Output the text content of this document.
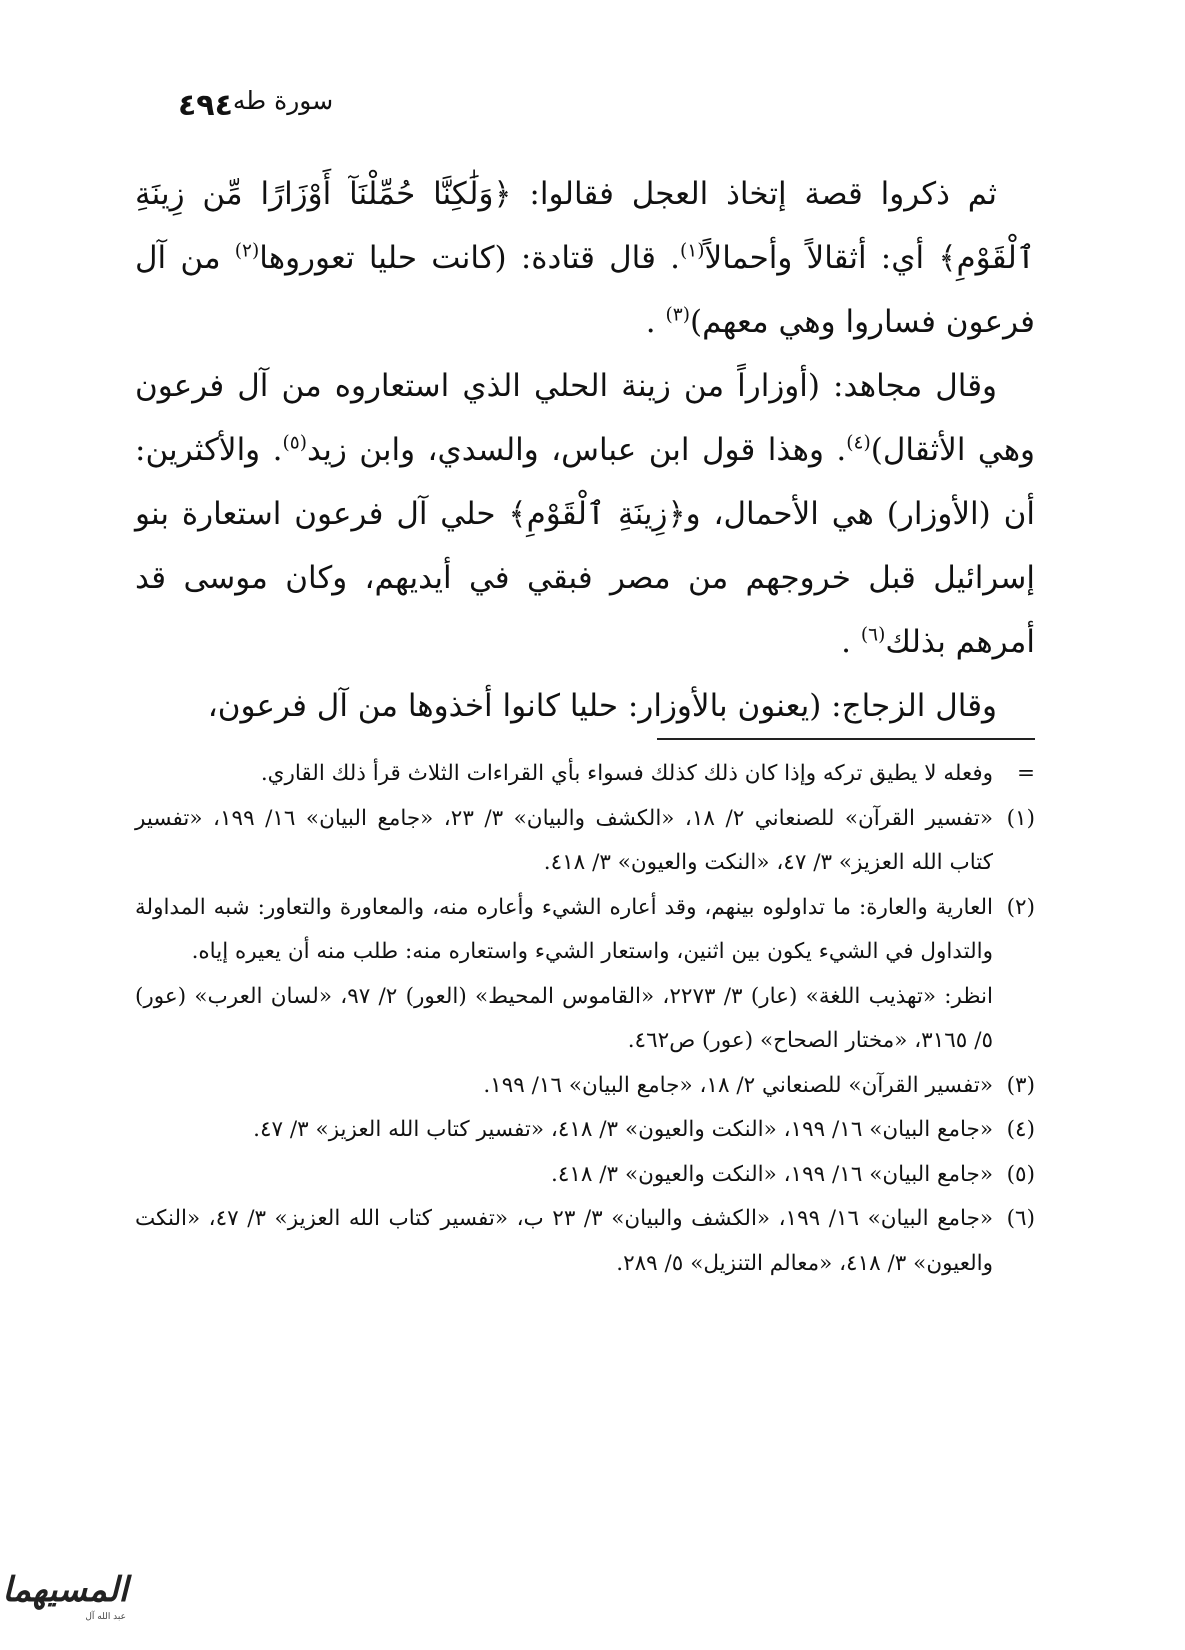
٤٩٤ سورة طه

ثم ذكروا قصة إتخاذ العجل فقالوا: ﴿وَلَٰكِنَّا حُمِّلْنَآ أَوْزَارًا مِّن زِينَةِ ٱلْقَوْمِ﴾ أي: أثقالاً وأحمالاً$^{(١)}$. قال قتادة: (كانت حليا تعوروها$^{(٢)}$ من آل فرعون فساروا وهي معهم)$^{(٣)}$ .

وقال مجاهد: (أوزاراً من زينة الحلي الذي استعاروه من آل فرعون وهي الأثقال)$^{(٤)}$. وهذا قول ابن عباس، والسدي، وابن زيد$^{(٥)}$. والأكثرين: أن (الأوزار) هي الأحمال، و﴿زِينَةِ ٱلْقَوْمِ﴾ حلي آل فرعون استعارة بنو إسرائيل قبل خروجهم من مصر فبقي في أيديهم، وكان موسى قد أمرهم بذلك$^{(٦)}$ .

وقال الزجاج: (يعنون بالأوزار: حليا كانوا أخذوها من آل فرعون،

=
وفعله لا يطيق تركه وإذا كان ذلك كذلك فسواء بأي القراءات الثلاث قرأ ذلك القاري.
(١)
«تفسير القرآن» للصنعاني ٢/ ١٨، «الكشف والبيان» ٣/ ٢٣، «جامع البيان» ١٦/ ١٩٩، «تفسير كتاب الله العزيز» ٣/ ٤٧، «النكت والعيون» ٣/ ٤١٨.
(٢)
العارية والعارة: ما تداولوه بينهم، وقد أعاره الشيء وأعاره منه، والمعاورة والتعاور: شبه المداولة والتداول في الشيء يكون بين اثنين، واستعار الشيء واستعاره منه: طلب منه أن يعيره إياه.
انظر: «تهذيب اللغة» (عار) ٣/ ٢٢٧٣، «القاموس المحيط» (العور) ٢/ ٩٧، «لسان العرب» (عور) ٥/ ٣١٦٥، «مختار الصحاح» (عور) ص٤٦٢.
(٣)
«تفسير القرآن» للصنعاني ٢/ ١٨، «جامع البيان» ١٦/ ١٩٩.
(٤)
«جامع البيان» ١٦/ ١٩٩، «النكت والعيون» ٣/ ٤١٨، «تفسير كتاب الله العزيز» ٣/ ٤٧.
(٥)
«جامع البيان» ١٦/ ١٩٩، «النكت والعيون» ٣/ ٤١٨.
(٦)
«جامع البيان» ١٦/ ١٩٩، «الكشف والبيان» ٣/ ٢٣ ب، «تفسير كتاب الله العزيز» ٣/ ٤٧، «النكت والعيون» ٣/ ٤١٨، «معالم التنزيل» ٥/ ٢٨٩.
المسيهما
عبد الله آل
